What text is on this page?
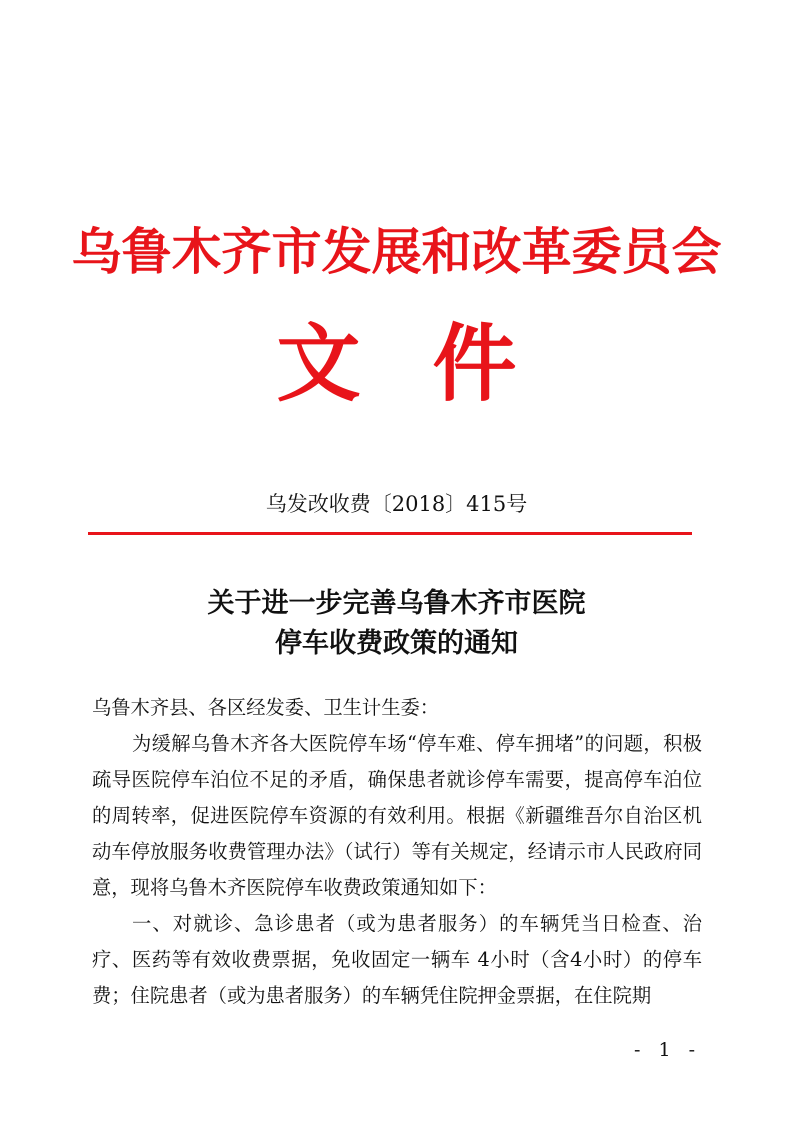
乌鲁木齐市发展和改革委员会
文件
乌发改收费〔2018〕415号
关于进一步完善乌鲁木齐市医院
停车收费政策的通知

乌鲁木齐县、各区经发委、卫生计生委：

为缓解乌鲁木齐各大医院停车场“停车难、停车拥堵”的问题，积极疏导医院停车泊位不足的矛盾，确保患者就诊停车需要，提高停车泊位的周转率，促进医院停车资源的有效利用。根据《新疆维吾尔自治区机动车停放服务收费管理办法》（试行）等有关规定，经请示市人民政府同意，现将乌鲁木齐医院停车收费政策通知如下：

一、对就诊、急诊患者（或为患者服务）的车辆凭当日检查、治疗、医药等有效收费票据，免收固定一辆车 4小时（含4小时）的停车费；住院患者（或为患者服务）的车辆凭住院押金票据，在住院期

- 1 -
